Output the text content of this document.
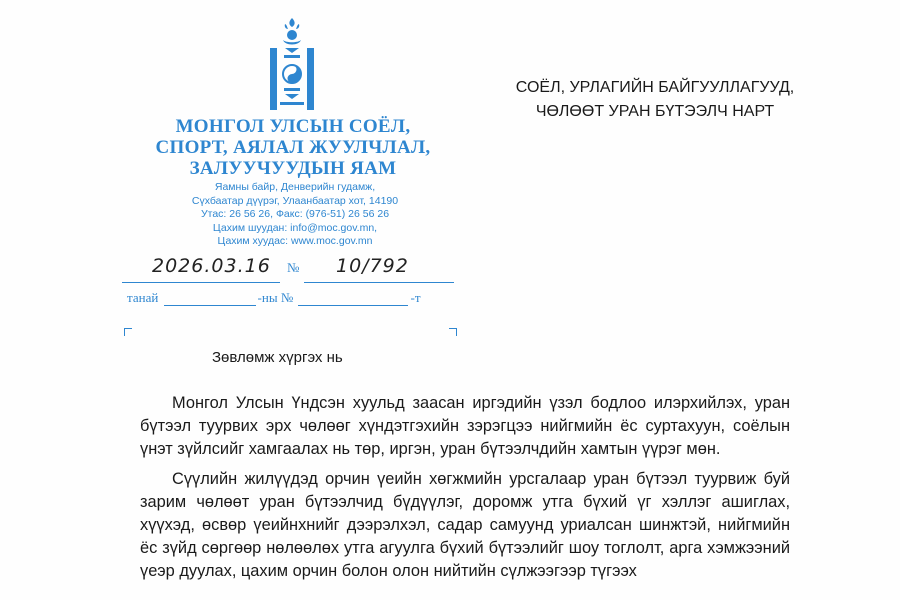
МОНГОЛ УЛСЫН СОЁЛ,
СПОРТ, АЯЛАЛ ЖУУЛЧЛАЛ,
ЗАЛУУЧУУДЫН ЯАМ
Яамны байр, Денверийн гудамж,
Сүхбаатар дүүрэг, Улаанбаатар хот, 14190
Утас: 26 56 26, Факс: (976-51) 26 56 26
Цахим шуудан: info@moc.gov.mn,
Цахим хуудас: www.moc.gov.mn
2026.03.16 № 10/792
танай	-ны №	-т
СОЁЛ, УРЛАГИЙН БАЙГУУЛЛАГУУД,
ЧӨЛӨӨТ УРАН БҮТЭЭЛЧ НАРТ
Зөвлөмж хүргэх нь

Монгол Улсын Үндсэн хуульд заасан иргэдийн үзэл бодлоо илэрхийлэх, уран бүтээл туурвих эрх чөлөөг хүндэтгэхийн зэрэгцээ нийгмийн ёс суртахуун, соёлын үнэт зүйлсийг хамгаалах нь төр, иргэн, уран бүтээлчдийн хамтын үүрэг мөн.

Сүүлийн жилүүдэд орчин үеийн хөгжмийн урсгалаар уран бүтээл туурвиж буй зарим чөлөөт уран бүтээлчид бүдүүлэг, доромж утга бүхий үг хэллэг ашиглах, хүүхэд, өсвөр үеийнхнийг дээрэлхэл, садар самуунд уриалсан шинжтэй, нийгмийн ёс зүйд сөргөөр нөлөөлөх утга агуулга бүхий бүтээлийг шоу тоглолт, арга хэмжээний үеэр дуулах, цахим орчин болон олон нийтийн сүлжээгээр түгээх
